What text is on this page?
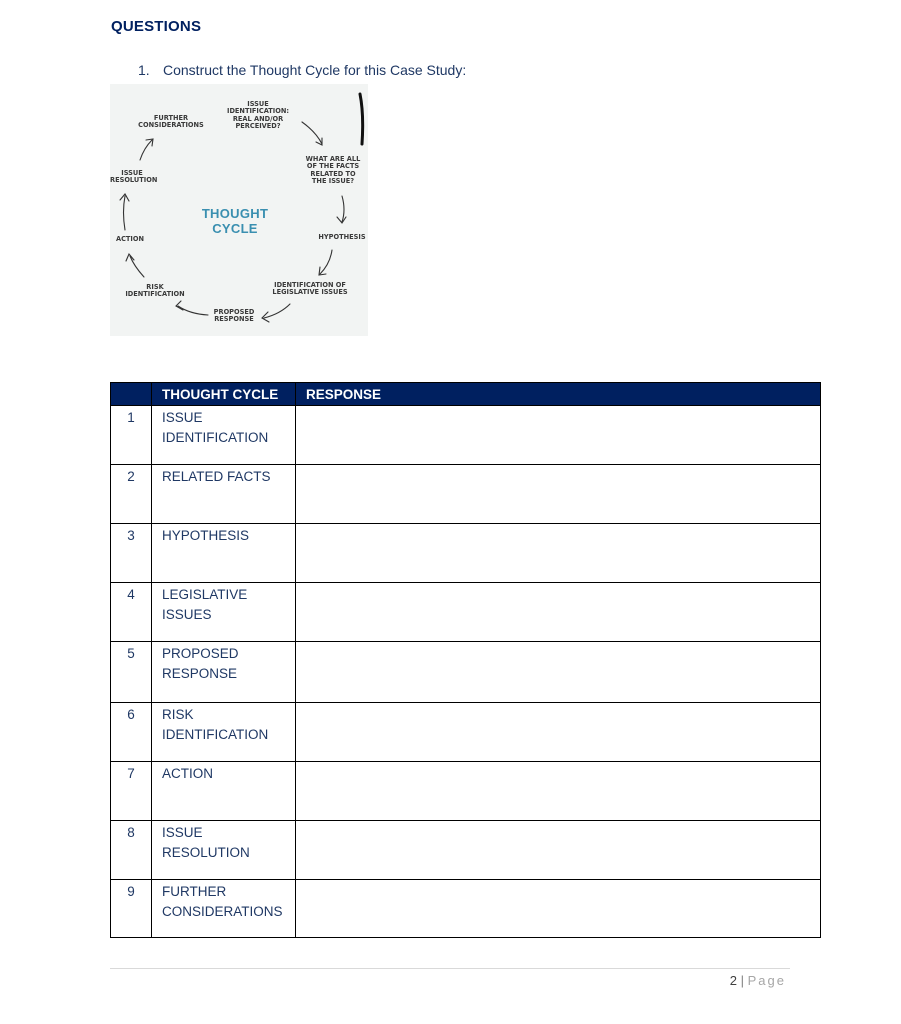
QUESTIONS
1. Construct the Thought Cycle for this Case Study:
ISSUE IDENTIFICATION:
REAL AND/OR
PERCEIVED?
WHAT ARE ALL
OF THE FACTS
RELATED TO
THE ISSUE?
HYPOTHESIS
IDENTIFICATION OF
LEGISLATIVE ISSUES
PROPOSED
RESPONSE
RISK
IDENTIFICATION
ACTION
ISSUE
RESOLUTION
FURTHER
CONSIDERATIONS
THOUGHT CYCLE
	THOUGHT CYCLE	RESPONSE
1	ISSUE
IDENTIFICATION	
2	RELATED FACTS	
3	HYPOTHESIS	
4	LEGISLATIVE ISSUES	
5	PROPOSED
RESPONSE	
6	RISK
IDENTIFICATION	
7	ACTION	
8	ISSUE RESOLUTION	
9	FURTHER
CONSIDERATIONS	
2 | Page
